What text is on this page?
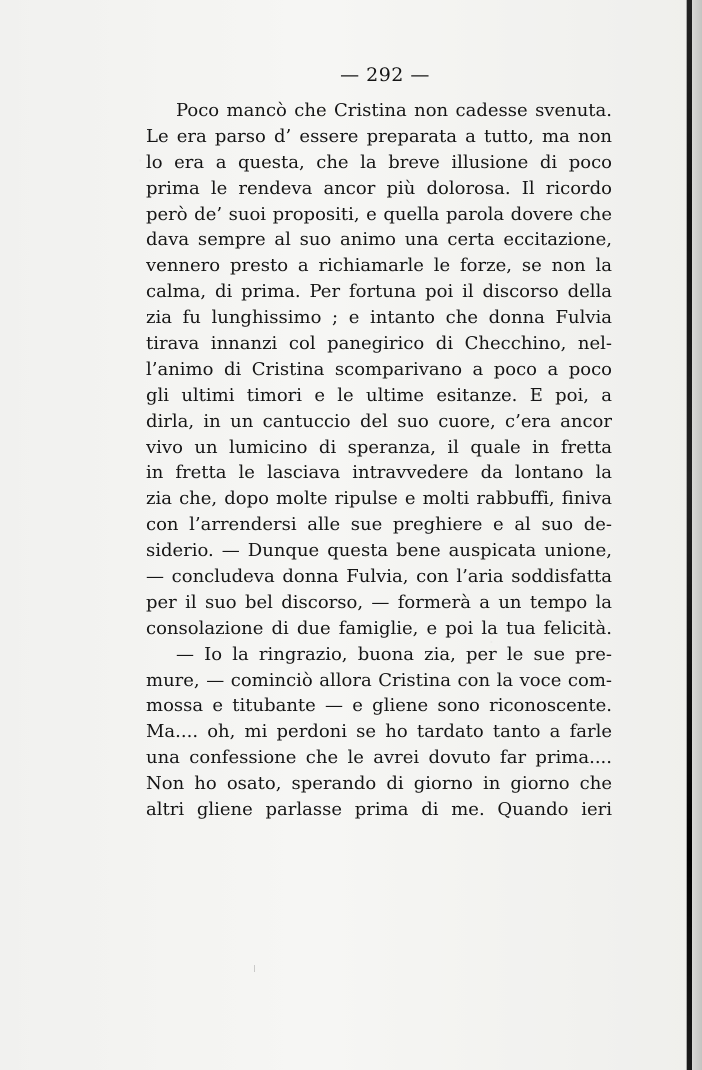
— 292 —
Poco mancò che Cristina non cadesse svenuta.
Le era parso d’ essere preparata a tutto, ma non
lo era a questa, che la breve illusione di poco
prima le rendeva ancor più dolorosa. Il ricordo
però de’ suoi propositi, e quella parola dovere che
dava sempre al suo animo una certa eccitazione,
vennero presto a richiamarle le forze, se non la
calma, di prima. Per fortuna poi il discorso della
zia fu lunghissimo ; e intanto che donna Fulvia
tirava innanzi col panegirico di Checchino, nel-
l’animo di Cristina scomparivano a poco a poco
gli ultimi timori e le ultime esitanze. E poi, a
dirla, in un cantuccio del suo cuore, c’era ancor
vivo un lumicino di speranza, il quale in fretta
in fretta le lasciava intravvedere da lontano la
zia che, dopo molte ripulse e molti rabbuffi, finiva
con l’arrendersi alle sue preghiere e al suo de-
siderio. — Dunque questa bene auspicata unione,
— concludeva donna Fulvia, con l’aria soddisfatta
per il suo bel discorso, — formerà a un tempo la
consolazione di due famiglie, e poi la tua felicità.
— Io la ringrazio, buona zia, per le sue pre-
mure, — cominciò allora Cristina con la voce com-
mossa e titubante — e gliene sono riconoscente.
Ma.... oh, mi perdoni se ho tardato tanto a farle
una confessione che le avrei dovuto far prima....
Non ho osato, sperando di giorno in giorno che
altri gliene parlasse prima di me. Quando ieri
